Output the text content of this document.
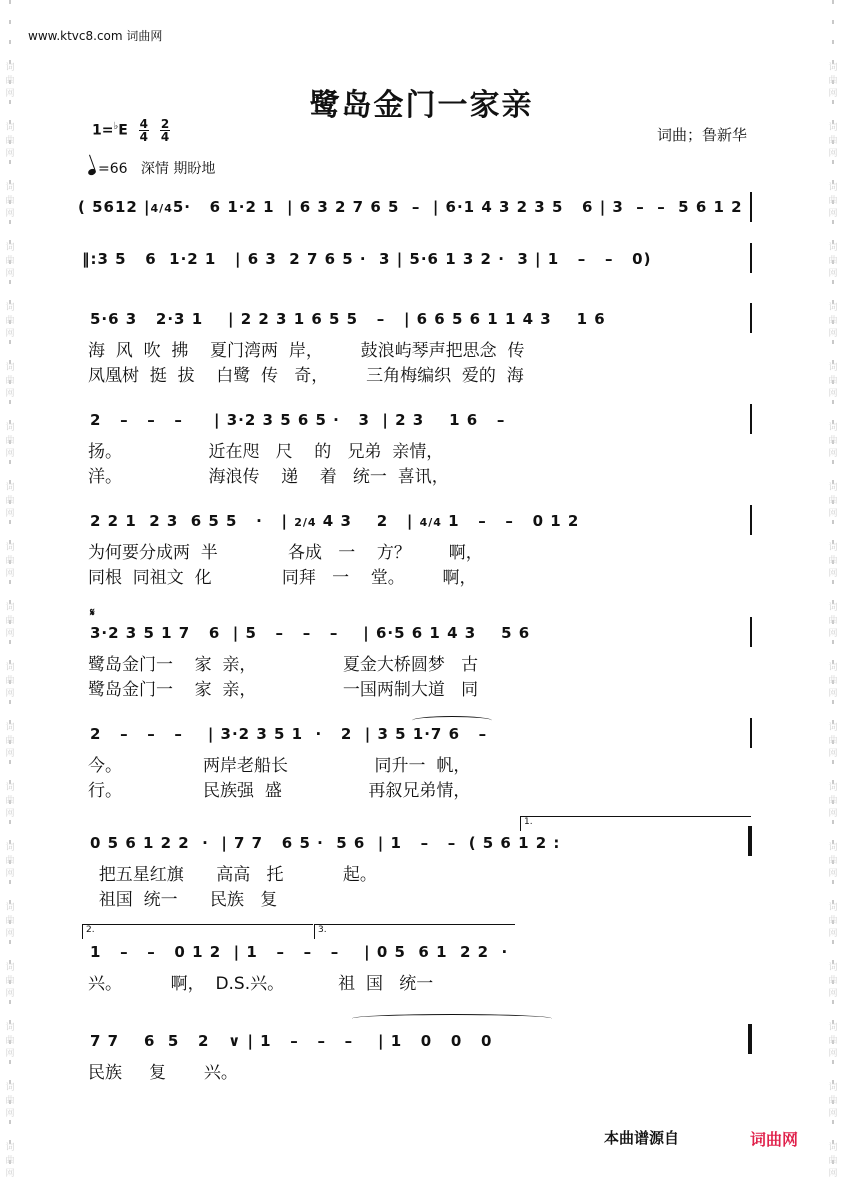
词曲网
词曲网
词曲网
词曲网
词曲网
词曲网
词曲网
词曲网
词曲网
词曲网
词曲网
词曲网
词曲网
词曲网
词曲网
词曲网
词曲网
词曲网
词曲网
词曲网
词曲网
词曲网
词曲网
词曲网
词曲网
词曲网
词曲网
词曲网
词曲网
词曲网
词曲网
词曲网
词曲网
词曲网
词曲网
词曲网
词曲网
词曲网
www.ktvc8.com 词曲网
鹭岛金门一家亲
$1=^♭E \frac{4}{4}$
$\frac{2}{4}$	词曲；鲁新华
=66 深情 期盼地
( 5612 |4/45·   6 1·2 1  | 6 3 2 7 6 5  –  | 6·1 4 3 2 3 5   6 | 3  –  –  5 6 1 2
‖:3 5   6  1·2 1   | 6 3  2 7 6 5 ·  3 | 5·6 1 3 2 ·  3 | 1   –   –   0)
5·6 3   2·3 1    | 2 2 3 1 6 5 5   –   | 6 6 5 6 1 1 4 3    1 6
海  风  吹  拂    夏门湾两  岸，       鼓浪屿琴声把思念  传
凤凰树  挺  拔    白鹭  传   奇，       三角梅编织  爱的  海
2   –   –   –     | 3·2 3 5 6 5 ·   3  | 2 3    1 6   –
扬。                近在咫   尺    的   兄弟  亲情，
洋。                海浪传    递    着   统一  喜讯，
2 2 1  2 3  6 5 5   ·   | 2/4 4 3    2   | 4/4 1   –   –   0 1 2
为何要分成两  半             各成   一    方？       啊，
同根  同祖文  化             同拜   一    堂。       啊，
3·2 3 5 1 7   6  | 5   –   –   –    | 6·5 6 1 4 3    5 6
𝄋
鹭岛金门一    家  亲，                夏金大桥圆梦   古
鹭岛金门一    家  亲，                一国两制大道   同
2   –   –   –    | 3·2 3 5 1  ·   2  | 3 5 1·7 6   –
今。               两岸老船长                同升一  帆，
行。               民族强  盛                再叙兄弟情，
1.
0 5 6 1 2 2  ·  | 7 7   6 5 ·  5 6  | 1   –   –  ( 5 6 1 2 :
把五星红旗      高高   托           起。
祖国  统一      民族   复
2.	3.
1   –   –   0 1 2  | 1   –   –   –    | 0 5  6 1  2 2  ·
兴。         啊，  D.S.兴。          祖  国   统一
7 7    6  5   2   ∨ | 1   –   –   –    | 1   0   0   0
民族     复       兴。
本曲谱源自	词曲网
